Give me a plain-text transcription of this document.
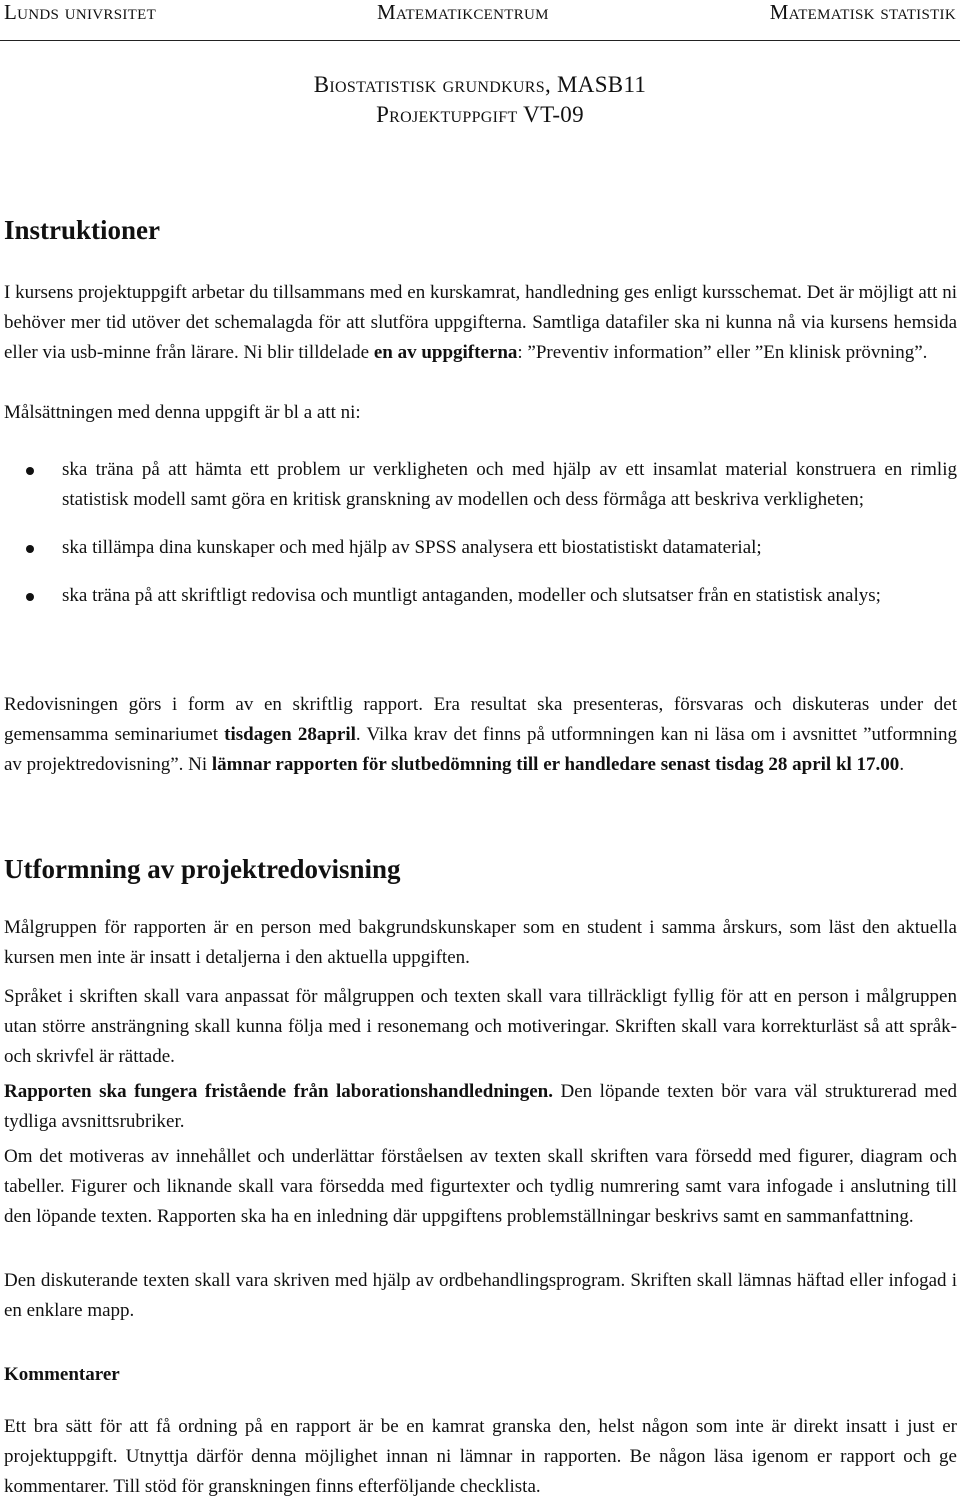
Lunds univrsitet	Matematikcentrum	Matematisk statistik
Biostatistisk grundkurs, MASB11
Projektuppgift VT-09
Instruktioner

I kursens projektuppgift arbetar du tillsammans med en kurskamrat, handledning ges enligt kursschemat. Det är möjligt att ni behöver mer tid utöver det schemalagda för att slutföra uppgifterna. Samtliga datafiler ska ni kunna nå via kursens hemsida eller via usb-minne från lärare. Ni blir tilldelade en av uppgifterna: ”Preventiv information” eller ”En klinisk prövning”.

Målsättningen med denna uppgift är bl a att ni:

ska träna på att hämta ett problem ur verkligheten och med hjälp av ett insamlat material konstruera en rimlig statistisk modell samt göra en kritisk granskning av modellen och dess förmåga att beskriva verkligheten;
ska tillämpa dina kunskaper och med hjälp av SPSS analysera ett biostatistiskt datamaterial;
ska träna på att skriftligt redovisa och muntligt antaganden, modeller och slutsatser från en statistisk analys;

Redovisningen görs i form av en skriftlig rapport. Era resultat ska presenteras, försvaras och diskuteras under det gemensamma seminariumet tisdagen 28april. Vilka krav det finns på utformningen kan ni läsa om i avsnittet ”utformning av projektredovisning”. Ni lämnar rapporten för slutbedömning till er handledare senast tisdag 28 april kl 17.00.

Utformning av projektredovisning

Målgruppen för rapporten är en person med bakgrundskunskaper som en student i samma årskurs, som läst den aktuella kursen men inte är insatt i detaljerna i den aktuella uppgiften.

Språket i skriften skall vara anpassat för målgruppen och texten skall vara tillräckligt fyllig för att en person i målgruppen utan större ansträngning skall kunna följa med i resonemang och motiveringar. Skriften skall vara korrekturläst så att språk- och skrivfel är rättade.

Rapporten ska fungera fristående från laborationshandledningen. Den löpande texten bör vara väl strukturerad med tydliga avsnittsrubriker.

Om det motiveras av innehållet och underlättar förståelsen av texten skall skriften vara försedd med figurer, diagram och tabeller. Figurer och liknande skall vara försedda med figurtexter och tydlig numrering samt vara infogade i anslutning till den löpande texten. Rapporten ska ha en inledning där uppgiftens problemställningar beskrivs samt en sammanfattning.

Den diskuterande texten skall vara skriven med hjälp av ordbehandlingsprogram. Skriften skall lämnas häftad eller infogad i en enklare mapp.

Kommentarer

Ett bra sätt för att få ordning på en rapport är be en kamrat granska den, helst någon som inte är direkt insatt i just er projektuppgift. Utnyttja därför denna möjlighet innan ni lämnar in rapporten. Be någon läsa igenom er rapport och ge kommentarer. Till stöd för granskningen finns efterföljande checklista.
